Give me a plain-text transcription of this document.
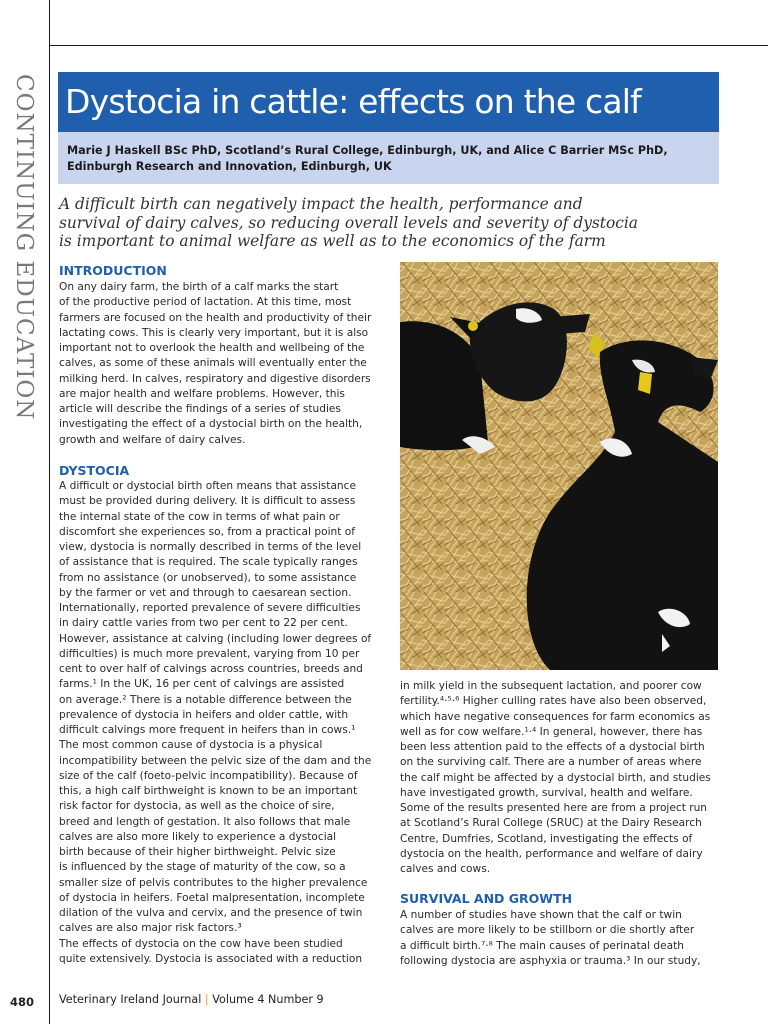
CONTINUING EDUCATION Dystocia in cattle: effects on the calf
Marie J Haskell BSc PhD, Scotland’s Rural College, Edinburgh, UK, and Alice C Barrier MSc PhD,
Edinburgh Research and Innovation, Edinburgh, UK
A difficult birth can negatively impact the health, performance and
survival of dairy calves, so reducing overall levels and severity of dystocia
is important to animal welfare as well as to the economics of the farm
INTRODUCTION

On any dairy farm, the birth of a calf marks the start

of the productive period of lactation. At this time, most

farmers are focused on the health and productivity of their

lactating cows. This is clearly very important, but it is also

important not to overlook the health and wellbeing of the

calves, as some of these animals will eventually enter the

milking herd. In calves, respiratory and digestive disorders

are major health and welfare problems. However, this

article will describe the findings of a series of studies

investigating the effect of a dystocial birth on the health,

growth and welfare of dairy calves.

DYSTOCIA

A difficult or dystocial birth often means that assistance

must be provided during delivery. It is difficult to assess

the internal state of the cow in terms of what pain or

discomfort she experiences so, from a practical point of

view, dystocia is normally described in terms of the level

of assistance that is required. The scale typically ranges

from no assistance (or unobserved), to some assistance

by the farmer or vet and through to caesarean section.

Internationally, reported prevalence of severe difficulties

in dairy cattle varies from two per cent to 22 per cent.

However, assistance at calving (including lower degrees of

difficulties) is much more prevalent, varying from 10 per

cent to over half of calvings across countries, breeds and

farms.¹ In the UK, 16 per cent of calvings are assisted

on average.² There is a notable difference between the

prevalence of dystocia in heifers and older cattle, with

difficult calvings more frequent in heifers than in cows.¹

The most common cause of dystocia is a physical

incompatibility between the pelvic size of the dam and the

size of the calf (foeto-pelvic incompatibility). Because of

this, a high calf birthweight is known to be an important

risk factor for dystocia, as well as the choice of sire,

breed and length of gestation. It also follows that male

calves are also more likely to experience a dystocial

birth because of their higher birthweight. Pelvic size

is influenced by the stage of maturity of the cow, so a

smaller size of pelvis contributes to the higher prevalence

of dystocia in heifers. Foetal malpresentation, incomplete

dilation of the vulva and cervix, and the presence of twin

calves are also major risk factors.³

The effects of dystocia on the cow have been studied

quite extensively. Dystocia is associated with a reduction

in milk yield in the subsequent lactation, and poorer cow

fertility.⁴·⁵·⁶ Higher culling rates have also been observed,

which have negative consequences for farm economics as

well as for cow welfare.¹·⁴ In general, however, there has

been less attention paid to the effects of a dystocial birth

on the surviving calf. There are a number of areas where

the calf might be affected by a dystocial birth, and studies

have investigated growth, survival, health and welfare.

Some of the results presented here are from a project run

at Scotland’s Rural College (SRUC) at the Dairy Research

Centre, Dumfries, Scotland, investigating the effects of

dystocia on the health, performance and welfare of dairy

calves and cows.

SURVIVAL AND GROWTH

A number of studies have shown that the calf or twin

calves are more likely to be stillborn or die shortly after

a difficult birth.⁷·⁸ The main causes of perinatal death

following dystocia are asphyxia or trauma.³ In our study,

480 Veterinary Ireland Journal | Volume 4 Number 9
